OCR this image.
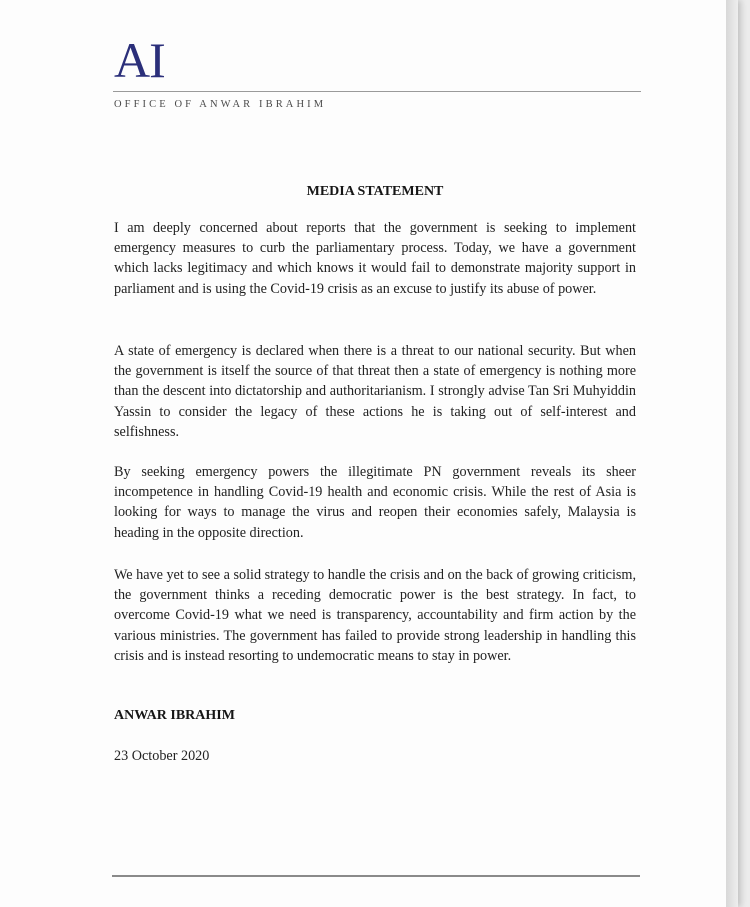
AI
OFFICE OF ANWAR IBRAHIM
MEDIA STATEMENT
I am deeply concerned about reports that the government is seeking to implement emergency measures to curb the parliamentary process. Today, we have a government which lacks legitimacy and which knows it would fail to demonstrate majority support in parliament and is using the Covid-19 crisis as an excuse to justify its abuse of power.
A state of emergency is declared when there is a threat to our national security. But when the government is itself the source of that threat then a state of emergency is nothing more than the descent into dictatorship and authoritarianism. I strongly advise Tan Sri Muhyiddin Yassin to consider the legacy of these actions he is taking out of self-interest and selfishness.
By seeking emergency powers the illegitimate PN government reveals its sheer incompetence in handling Covid-19 health and economic crisis. While the rest of Asia is looking for ways to manage the virus and reopen their economies safely, Malaysia is heading in the opposite direction.
We have yet to see a solid strategy to handle the crisis and on the back of growing criticism, the government thinks a receding democratic power is the best strategy. In fact, to overcome Covid-19 what we need is transparency, accountability and firm action by the various ministries. The government has failed to provide strong leadership in handling this crisis and is instead resorting to undemocratic means to stay in power.
ANWAR IBRAHIM
23 October 2020
